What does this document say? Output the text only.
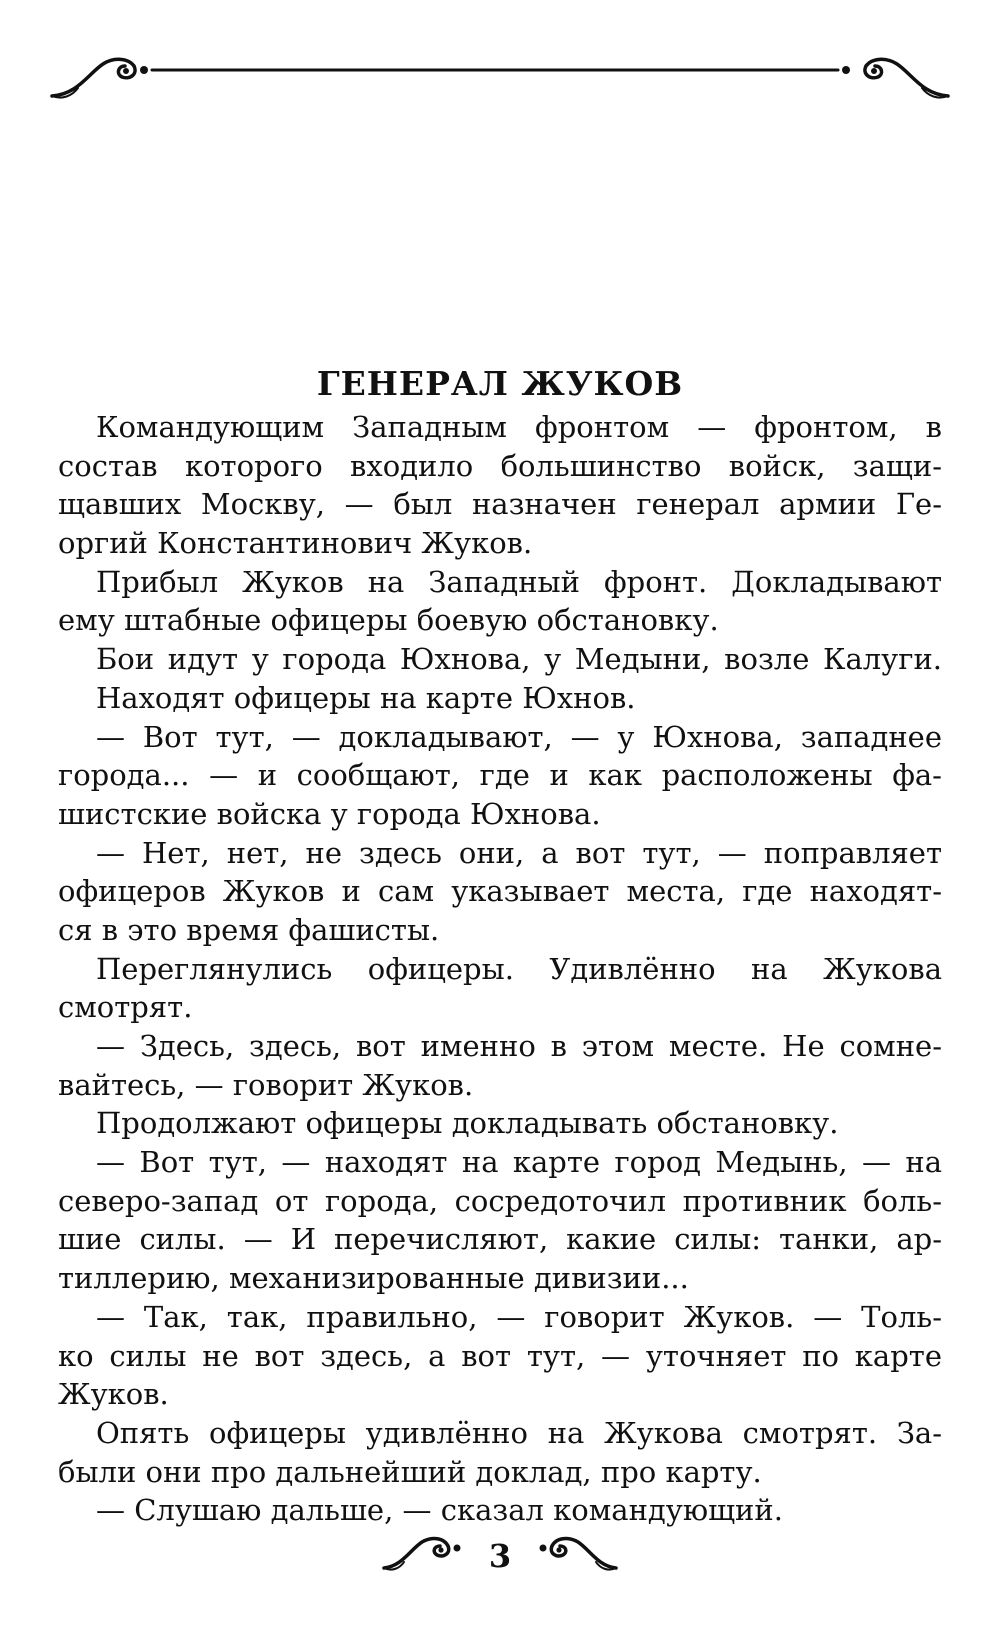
ГЕНЕРАЛ ЖУКОВ
Командующим Западным фронтом — фронтом, в
состав которого входило большинство войск, защи-
щавших Москву, — был назначен генерал армии Ге-
оргий Константинович Жуков.
Прибыл Жуков на Западный фронт. Докладывают
ему штабные офицеры боевую обстановку.
Бои идут у города Юхнова, у Медыни, возле Калуги.
Находят офицеры на карте Юхнов.
— Вот тут, — докладывают, — у Юхнова, западнее
города... — и сообщают, где и как расположены фа-
шистские войска у города Юхнова.
— Нет, нет, не здесь они, а вот тут, — поправляет
офицеров Жуков и сам указывает места, где находят-
ся в это время фашисты.
Переглянулись офицеры. Удивлённо на Жукова
смотрят.
— Здесь, здесь, вот именно в этом месте. Не сомне-
вайтесь, — говорит Жуков.
Продолжают офицеры докладывать обстановку.
— Вот тут, — находят на карте город Медынь, — на
северо-запад от города, сосредоточил противник боль-
шие силы. — И перечисляют, какие силы: танки, ар-
тиллерию, механизированные дивизии...
— Так, так, правильно, — говорит Жуков. — Толь-
ко силы не вот здесь, а вот тут, — уточняет по карте
Жуков.
Опять офицеры удивлённо на Жукова смотрят. За-
были они про дальнейший доклад, про карту.
— Слушаю дальше, — сказал командующий.
3
